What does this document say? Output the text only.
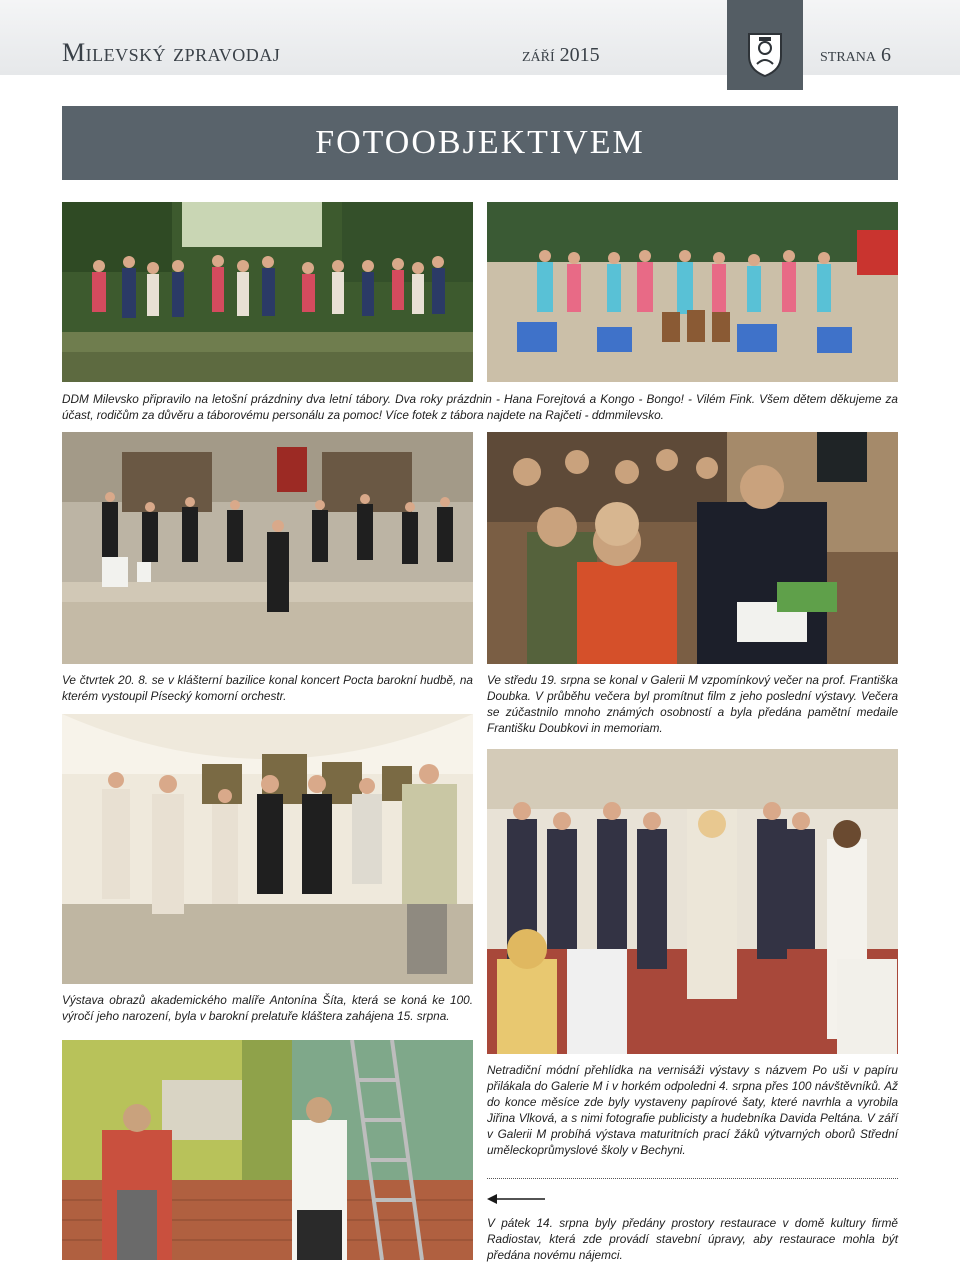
Milevský zpravodaj	září 2015	strana 6
FOTOOBJEKTIVEM
DDM Milevsko připravilo na letošní prázdniny dva letní tábory. Dva roky prázdnin - Hana Forejtová a Kongo - Bongo! - Vilém Fink. Všem dětem děkujeme za účast, rodičům za důvěru a táborovému personálu za pomoc! Více fotek z tábora najdete na Rajčeti - ddmmilevsko.
Ve čtvrtek 20. 8. se v klášterní bazilice konal koncert Pocta barokní hudbě, na kterém vystoupil Písecký komorní orchestr.
Ve středu 19. srpna se konal v Galerii M vzpomínkový večer na prof. Františka Doubka. V průběhu večera byl promítnut film z jeho poslední výstavy. Večera se zúčastnilo mnoho známých osobností a byla předána pamětní medaile Františku Doubkovi in memoriam.
Výstava obrazů akademického malíře Antonína Šíta, která se koná ke 100. výročí jeho narození, byla v barokní prelatuře kláštera zahájena 15. srpna.
Netradiční módní přehlídka na vernisáži výstavy s názvem Po uši v papíru přilákala do Galerie M i v horkém odpoledni 4. srpna přes 100 návštěvníků. Až do konce měsíce zde byly vystaveny papírové šaty, které navrhla a vyrobila Jiřina Vlková, a s nimi fotografie publicisty a hudebníka Davida Peltána. V září v Galerii M probíhá výstava maturitních prací žáků výtvarných oborů Střední uměleckoprůmyslové školy v Bechyni.
V pátek 14. srpna byly předány prostory restaurace v domě kultury firmě Radiostav, která zde provádí stavební úpravy, aby restaurace mohla být předána novému nájemci.
